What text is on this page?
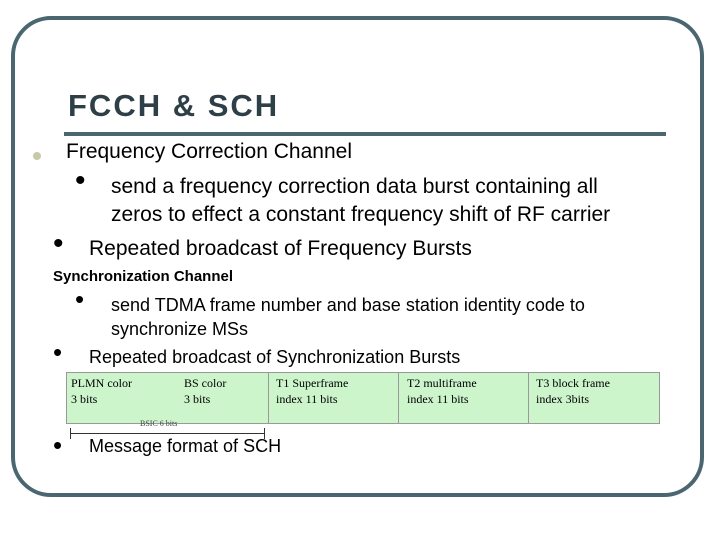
FCCH & SCH
Frequency Correction Channel
• send a frequency correction data burst containing all
zeros to effect a constant frequency shift of RF carrier
• Repeated broadcast of Frequency Bursts
Synchronization Channel
• send TDMA frame number and base station identity code to
synchronize MSs
• Repeated broadcast of Synchronization Bursts
PLMN color
3 bits
BS color
3 bits
T1 Superframe
index 11 bits
T2 multiframe
index 11 bits
T3 block frame
index 3bits
BSIC 6 bits
• Message format of SCH
